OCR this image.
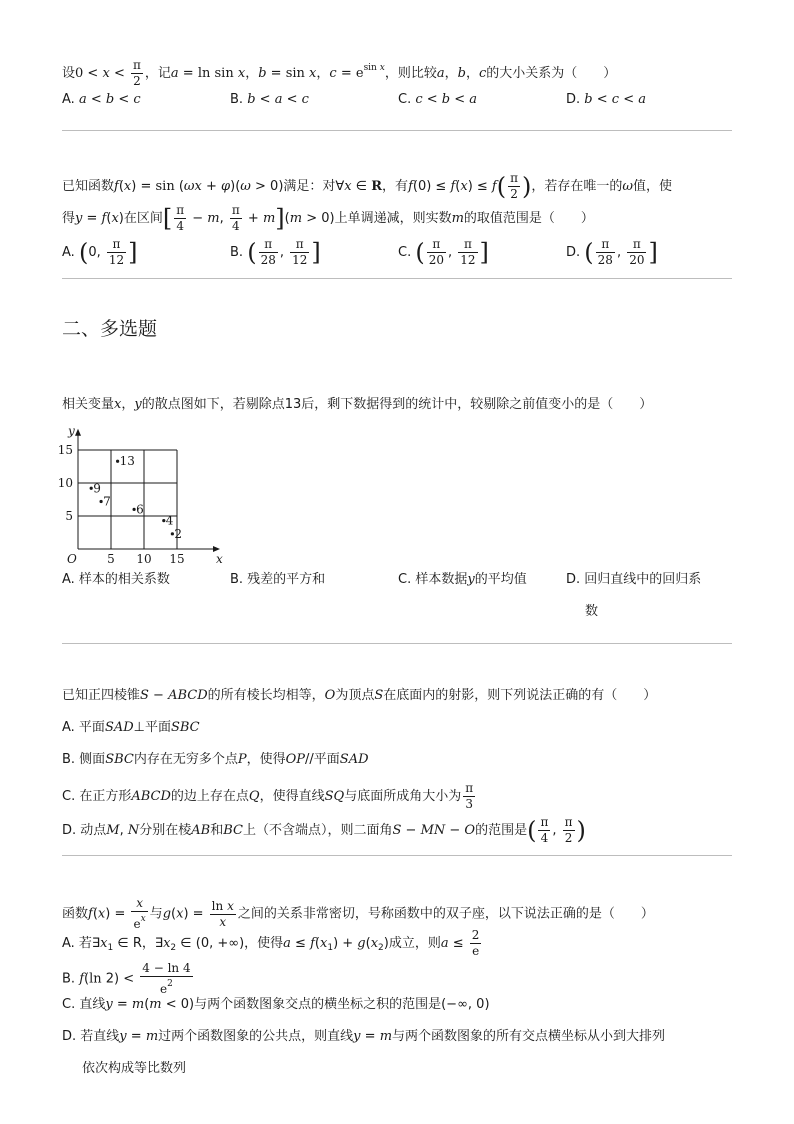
设$0 < x < \frac{\pi}{2}$ ，记a = ln sin x，b = sin x，$c = e^{sin x}$，则比较a，b，c的大小关系为（　　）
A. a < b < c	B. b < a < c	C. c < b < a	D. b < c < a
已知函数f(x) = sin (ωx + φ)(ω > 0)满足：对∀x ∈ R，有$f(0) \le f(x) \le f( \frac{\pi}{2}$ )，若存在唯一的ω值，使
得y = f(x)在区间[ $\frac{\pi}{4} - m$, $\frac{\pi}{4} + m](m > 0)$上单调递减，则实数m的取值范围是（　　）
A. (0, $\frac{\pi}{12}$ ]	B. ( $\frac{\pi}{28}$ , $\frac{\pi}{12}$ ]	C. ( $\frac{\pi}{20}$ , $\frac{\pi}{12}$ ]	D. ( $\frac{\pi}{28}$ , $\frac{\pi}{20}$ ]
二、多选题
相关变量x，y的散点图如下，若剔除点13后，剩下数据得到的统计中，较剔除之前值变小的是（　　）
x
y
O	5 10 15
5
10
15
9
7
13
6
4
2
A. 样本的相关系数	B. 残差的平方和	C. 样本数据y的平均值	D. 回归直线中的回归系
数
已知正四棱锥S − ABCD的所有棱长均相等，O为顶点S在底面内的射影，则下列说法正确的有（　　）
A. 平面SAD⊥平面SBC
B. 侧面SBC内存在无穷多个点P，使得OP//平面SAD
C. 在正方形ABCD的边上存在点Q，使得直线SQ与底面所成角大小为 $\frac{\pi}{3}$
D. 动点M, N分别在棱AB和BC上（不含端点），则二面角S − MN − O的范围是( $\frac{\pi}{4}$ , $\frac{\pi}{2}$ )
函数$f(x) = \frac{x}{e^x}$ 与$g(x) = \frac{\text{ln x}}{x}$ 之间的关系非常密切，号称函数中的双子座，以下说法正确的是（　　）
A. 若$\exists x_1$ ∈ R，$\exists x_2$ ∈ (0, +∞)，使得$a \le f(x_1) + g(x_2)$成立，则$a \le \frac{2}{e}$
B. f(ln $2) < \frac{4 - \ln 4}{e^2}$
C. 直线y = m(m < 0)与两个函数图象交点的横坐标之积的范围是(−∞, 0)
D. 若直线y = m过两个函数图象的公共点，则直线y = m与两个函数图象的所有交点横坐标从小到大排列
依次构成等比数列
